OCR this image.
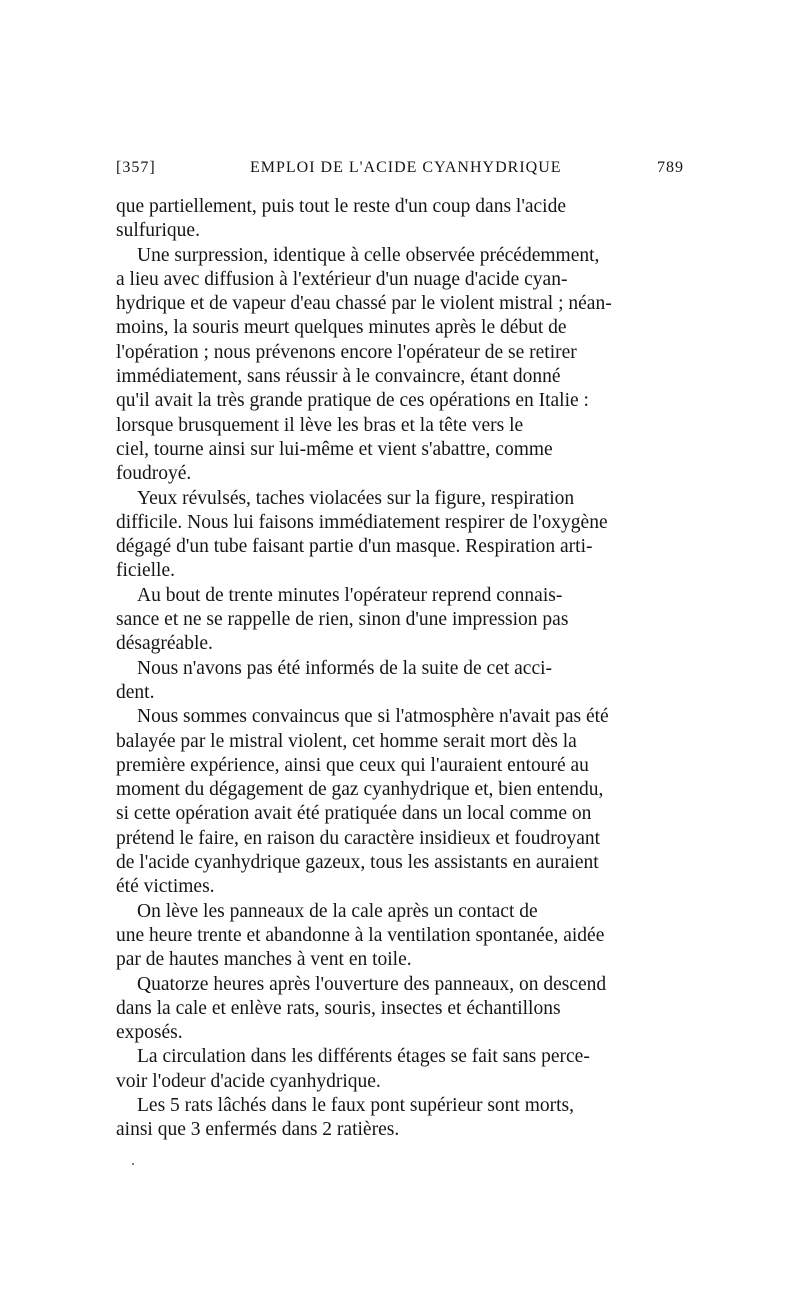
[357]	EMPLOI DE L'ACIDE CYANHYDRIQUE	789

que partiellement, puis tout le reste d'un coup dans l'acide
sulfurique.

Une surpression, identique à celle observée précédemment,
a lieu avec diffusion à l'extérieur d'un nuage d'acide cyan-
hydrique et de vapeur d'eau chassé par le violent mistral ; néan-
moins, la souris meurt quelques minutes après le début de
l'opération ; nous prévenons encore l'opérateur de se retirer
immédiatement, sans réussir à le convaincre, étant donné
qu'il avait la très grande pratique de ces opérations en Italie :
lorsque brusquement il lève les bras et la tête vers le
ciel, tourne ainsi sur lui-même et vient s'abattre, comme
foudroyé.

Yeux révulsés, taches violacées sur la figure, respiration
difficile. Nous lui faisons immédiatement respirer de l'oxygène
dégagé d'un tube faisant partie d'un masque. Respiration arti-
ficielle.

Au bout de trente minutes l'opérateur reprend connais-
sance et ne se rappelle de rien, sinon d'une impression pas
désagréable.

Nous n'avons pas été informés de la suite de cet acci-
dent.

Nous sommes convaincus que si l'atmosphère n'avait pas été
balayée par le mistral violent, cet homme serait mort dès la
première expérience, ainsi que ceux qui l'auraient entouré au
moment du dégagement de gaz cyanhydrique et, bien entendu,
si cette opération avait été pratiquée dans un local comme on
prétend le faire, en raison du caractère insidieux et foudroyant
de l'acide cyanhydrique gazeux, tous les assistants en auraient
été victimes.

On lève les panneaux de la cale après un contact de
une heure trente et abandonne à la ventilation spontanée, aidée
par de hautes manches à vent en toile.

Quatorze heures après l'ouverture des panneaux, on descend
dans la cale et enlève rats, souris, insectes et échantillons
exposés.

La circulation dans les différents étages se fait sans perce-
voir l'odeur d'acide cyanhydrique.

Les 5 rats lâchés dans le faux pont supérieur sont morts,
ainsi que 3 enfermés dans 2 ratières.
